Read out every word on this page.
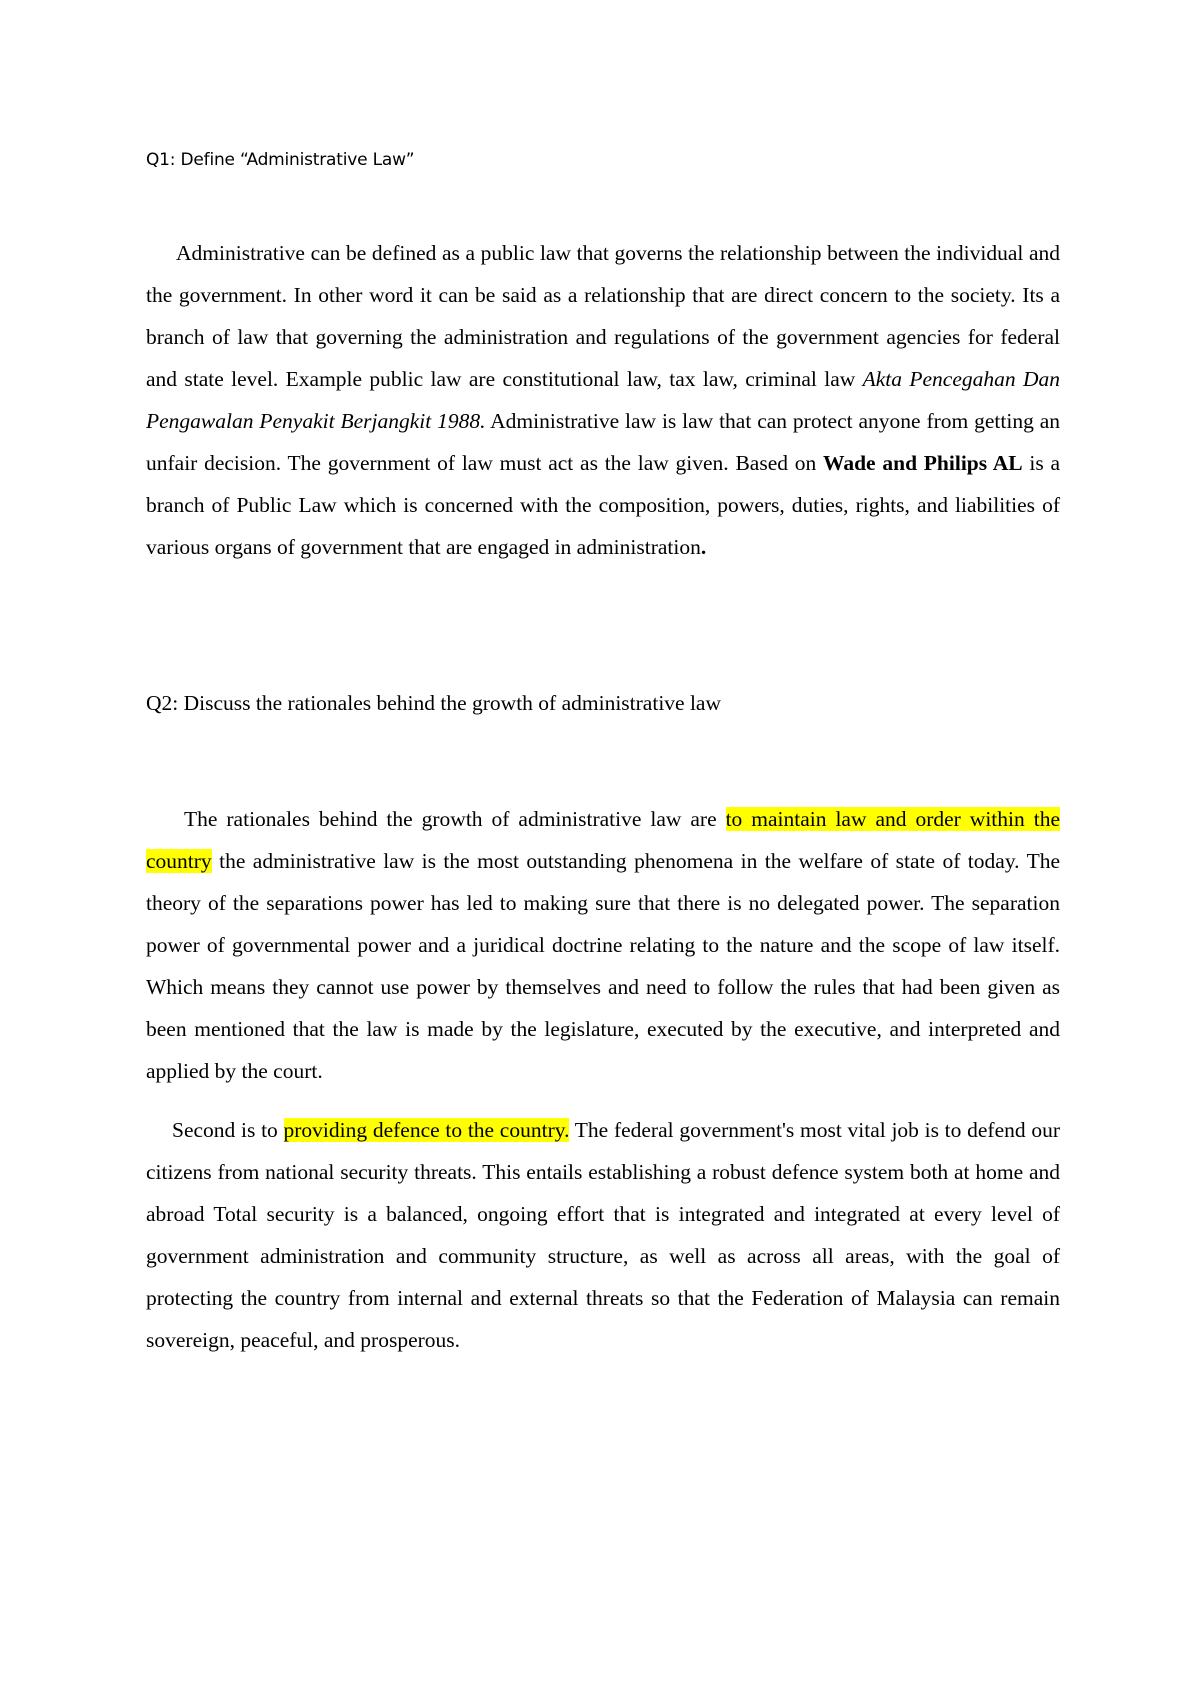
Q1: Define “Administrative Law”

Administrative can be defined as a public law that governs the relationship between the individual and the government. In other word it can be said as a relationship that are direct concern to the society. Its a branch of law that governing the administration and regulations of the government agencies for federal and state level. Example public law are constitutional law, tax law, criminal law Akta Pencegahan Dan Pengawalan Penyakit Berjangkit 1988. Administrative law is law that can protect anyone from getting an unfair decision. The government of law must act as the law given. Based on Wade and Philips AL is a branch of Public Law which is concerned with the composition, powers, duties, rights, and liabilities of various organs of government that are engaged in administration.

Q2: Discuss the rationales behind the growth of administrative law

The rationales behind the growth of administrative law are to maintain law and order within the country the administrative law is the most outstanding phenomena in the welfare of state of today. The theory of the separations power has led to making sure that there is no delegated power. The separation power of governmental power and a juridical doctrine relating to the nature and the scope of law itself. Which means they cannot use power by themselves and need to follow the rules that had been given as been mentioned that the law is made by the legislature, executed by the executive, and interpreted and applied by the court.

Second is to providing defence to the country. The federal government's most vital job is to defend our citizens from national security threats. This entails establishing a robust defence system both at home and abroad Total security is a balanced, ongoing effort that is integrated and integrated at every level of government administration and community structure, as well as across all areas, with the goal of protecting the country from internal and external threats so that the Federation of Malaysia can remain sovereign, peaceful, and prosperous.
